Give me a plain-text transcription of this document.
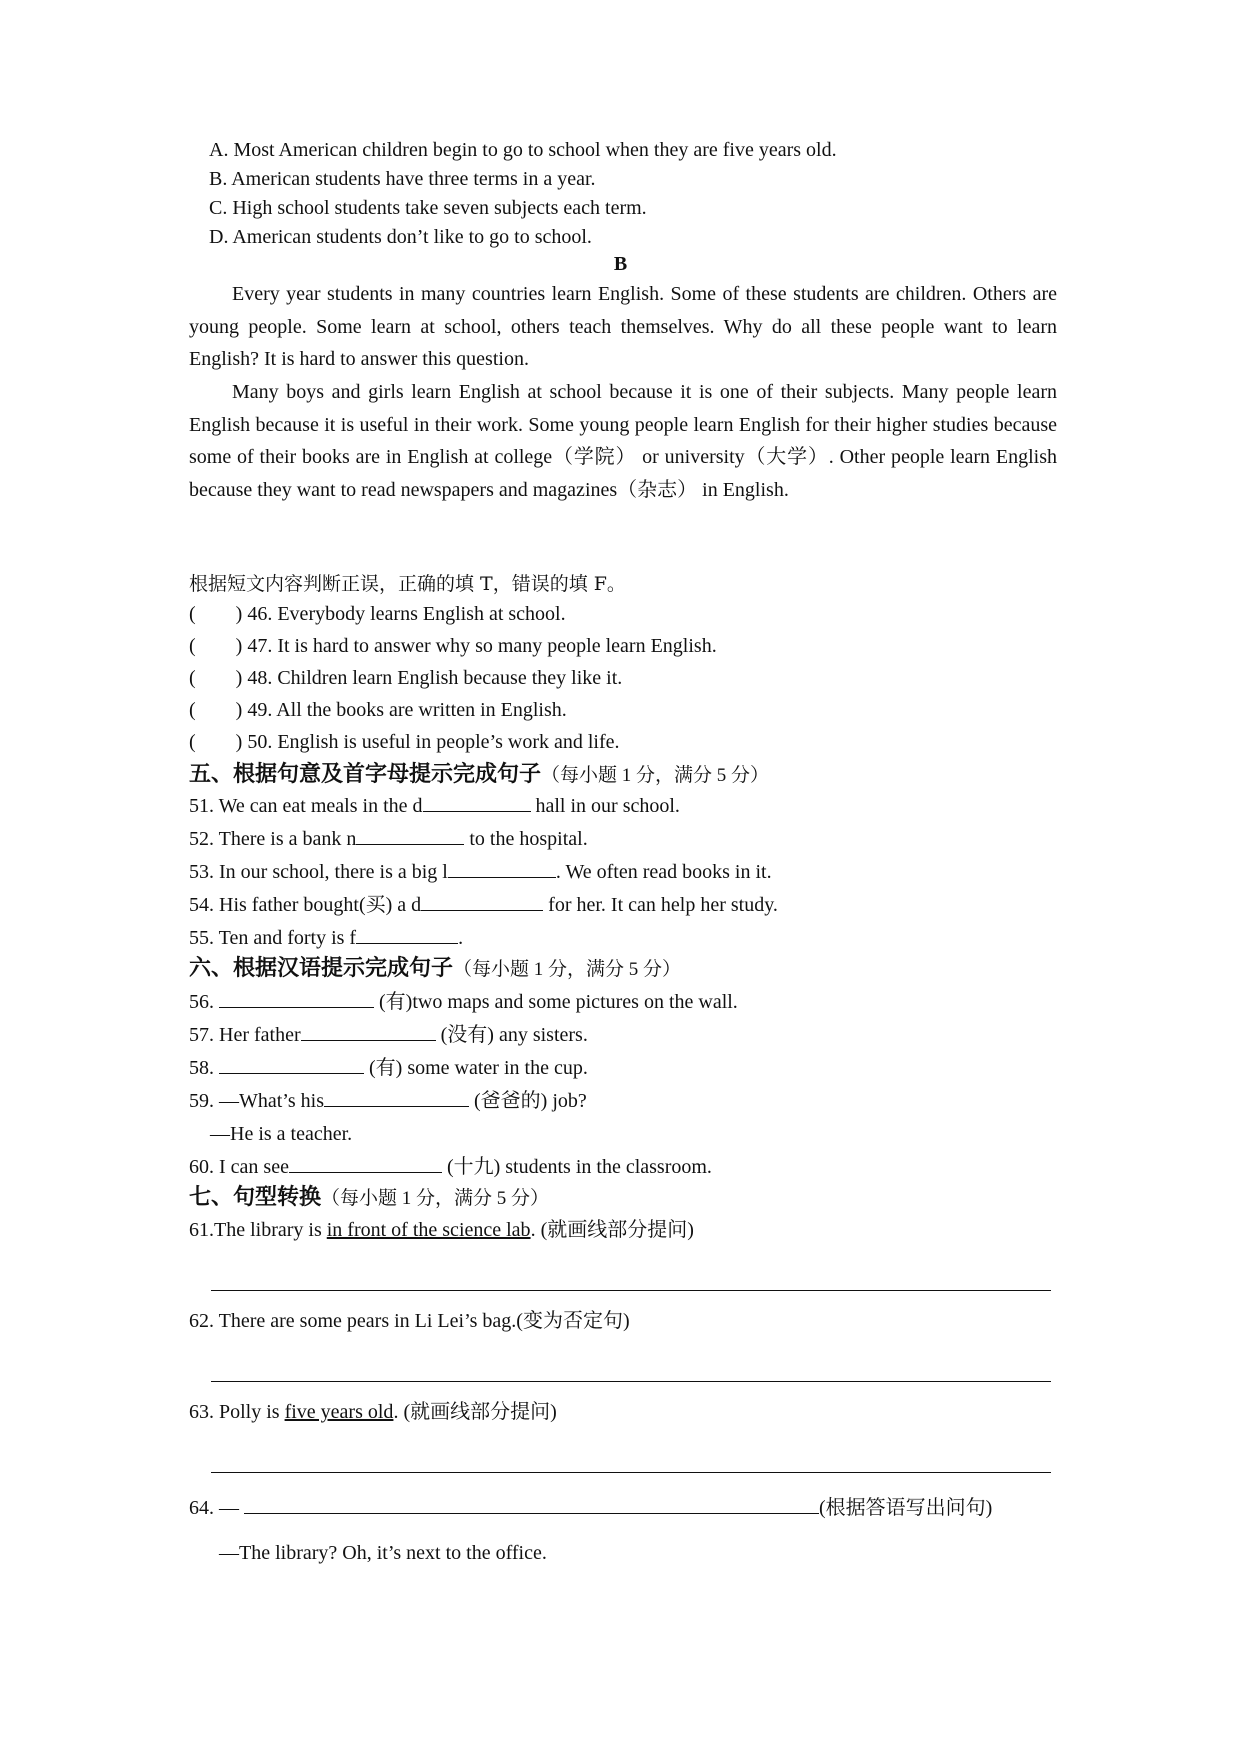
A. Most American children begin to go to school when they are five years old.
B. American students have three terms in a year.
C. High school students take seven subjects each term.
D. American students don’t like to go to school.
B

Every year students in many countries learn English. Some of these students are children. Others are young people. Some learn at school, others teach themselves. Why do all these people want to learn English? It is hard to answer this question.

Many boys and girls learn English at school because it is one of their subjects. Many people learn English because it is useful in their work. Some young people learn English for their higher studies because some of their books are in English at college（学院） or university（大学）. Other people learn English because they want to read newspapers and magazines（杂志） in English.

根据短文内容判断正误，正确的填 T，错误的填 F。
( ) 46. Everybody learns English at school.
( ) 47. It is hard to answer why so many people learn English.
( ) 48. Children learn English because they like it.
( ) 49. All the books are written in English.
( ) 50. English is useful in people’s work and life.
五、根据句意及首字母提示完成句子（每小题 1 分，满分 5 分）
51. We can eat meals in the d	hall in our school.
52. There is a bank n	to the hospital.
53. In our school, there is a big l	. We often read books in it.
54. His father bought(买) a d	for her. It can help her study.
55. Ten and forty is f	.
六、根据汉语提示完成句子（每小题 1 分，满分 5 分）
56.	(有)two maps and some pictures on the wall.
57. Her father	(没有) any sisters.
58.	(有) some water in the cup.
59. —What’s his	(爸爸的) job?
—He is a teacher.
60. I can see	(十九) students in the classroom.
七、句型转换（每小题 1 分，满分 5 分）
61.The library is in front of the science lab. (就画线部分提问)
62. There are some pears in Li Lei’s bag.(变为否定句)
63. Polly is five years old. (就画线部分提问)
64. —	(根据答语写出问句)
—The library? Oh, it’s next to the office.
